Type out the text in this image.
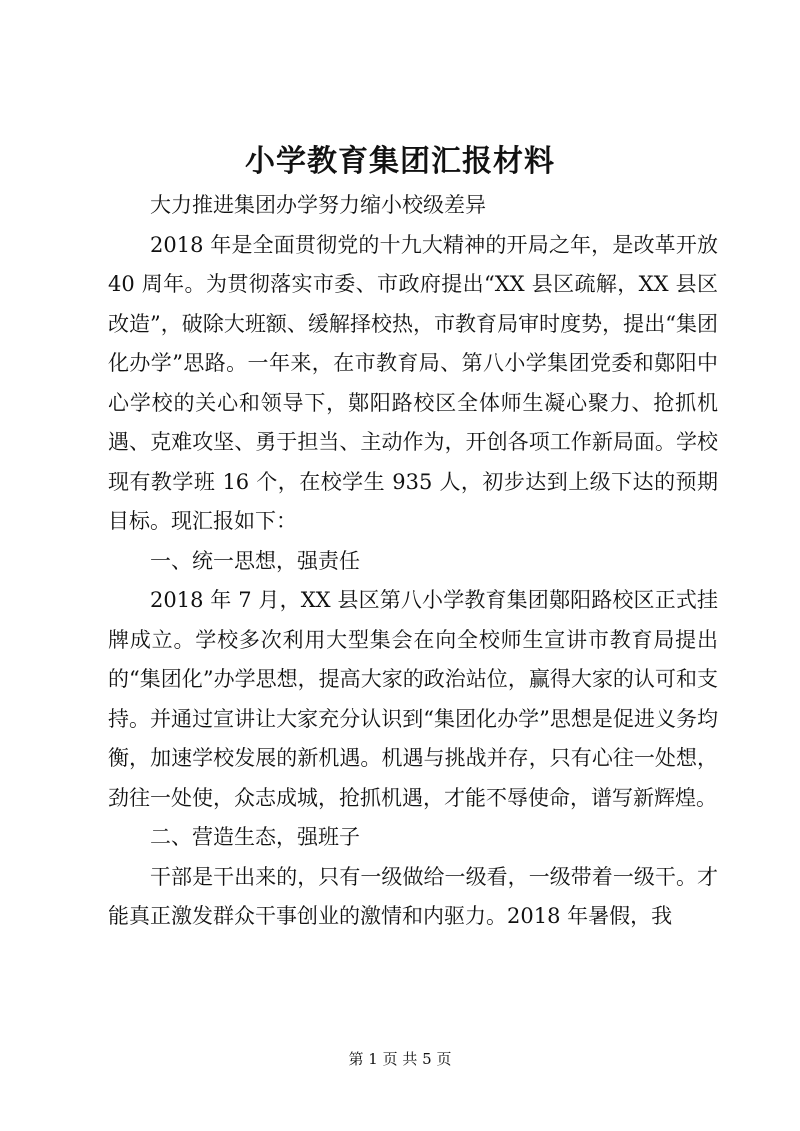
小学教育集团汇报材料

大力推进集团办学努力缩小校级差异

2018 年是全面贯彻党的十九大精神的开局之年，是改革开放 40 周年。为贯彻落实市委、市政府提出“XX 县区疏解，XX 县区改造”，破除大班额、缓解择校热，市教育局审时度势，提出“集团化办学”思路。一年来，在市教育局、第八小学集团党委和鄚阳中心学校的关心和领导下，鄚阳路校区全体师生凝心聚力、抢抓机遇、克难攻坚、勇于担当、主动作为，开创各项工作新局面。学校现有教学班 16 个，在校学生 935 人，初步达到上级下达的预期目标。现汇报如下：

一、统一思想，强责任

2018 年 7 月，XX 县区第八小学教育集团鄚阳路校区正式挂牌成立。学校多次利用大型集会在向全校师生宣讲市教育局提出的“集团化”办学思想，提高大家的政治站位，赢得大家的认可和支持。并通过宣讲让大家充分认识到“集团化办学”思想是促进义务均衡，加速学校发展的新机遇。机遇与挑战并存，只有心往一处想，劲往一处使，众志成城，抢抓机遇，才能不辱使命，谱写新辉煌。

二、营造生态，强班子

干部是干出来的，只有一级做给一级看，一级带着一级干。才能真正激发群众干事创业的激情和内驱力。2018 年暑假，我

第 1 页 共 5 页
